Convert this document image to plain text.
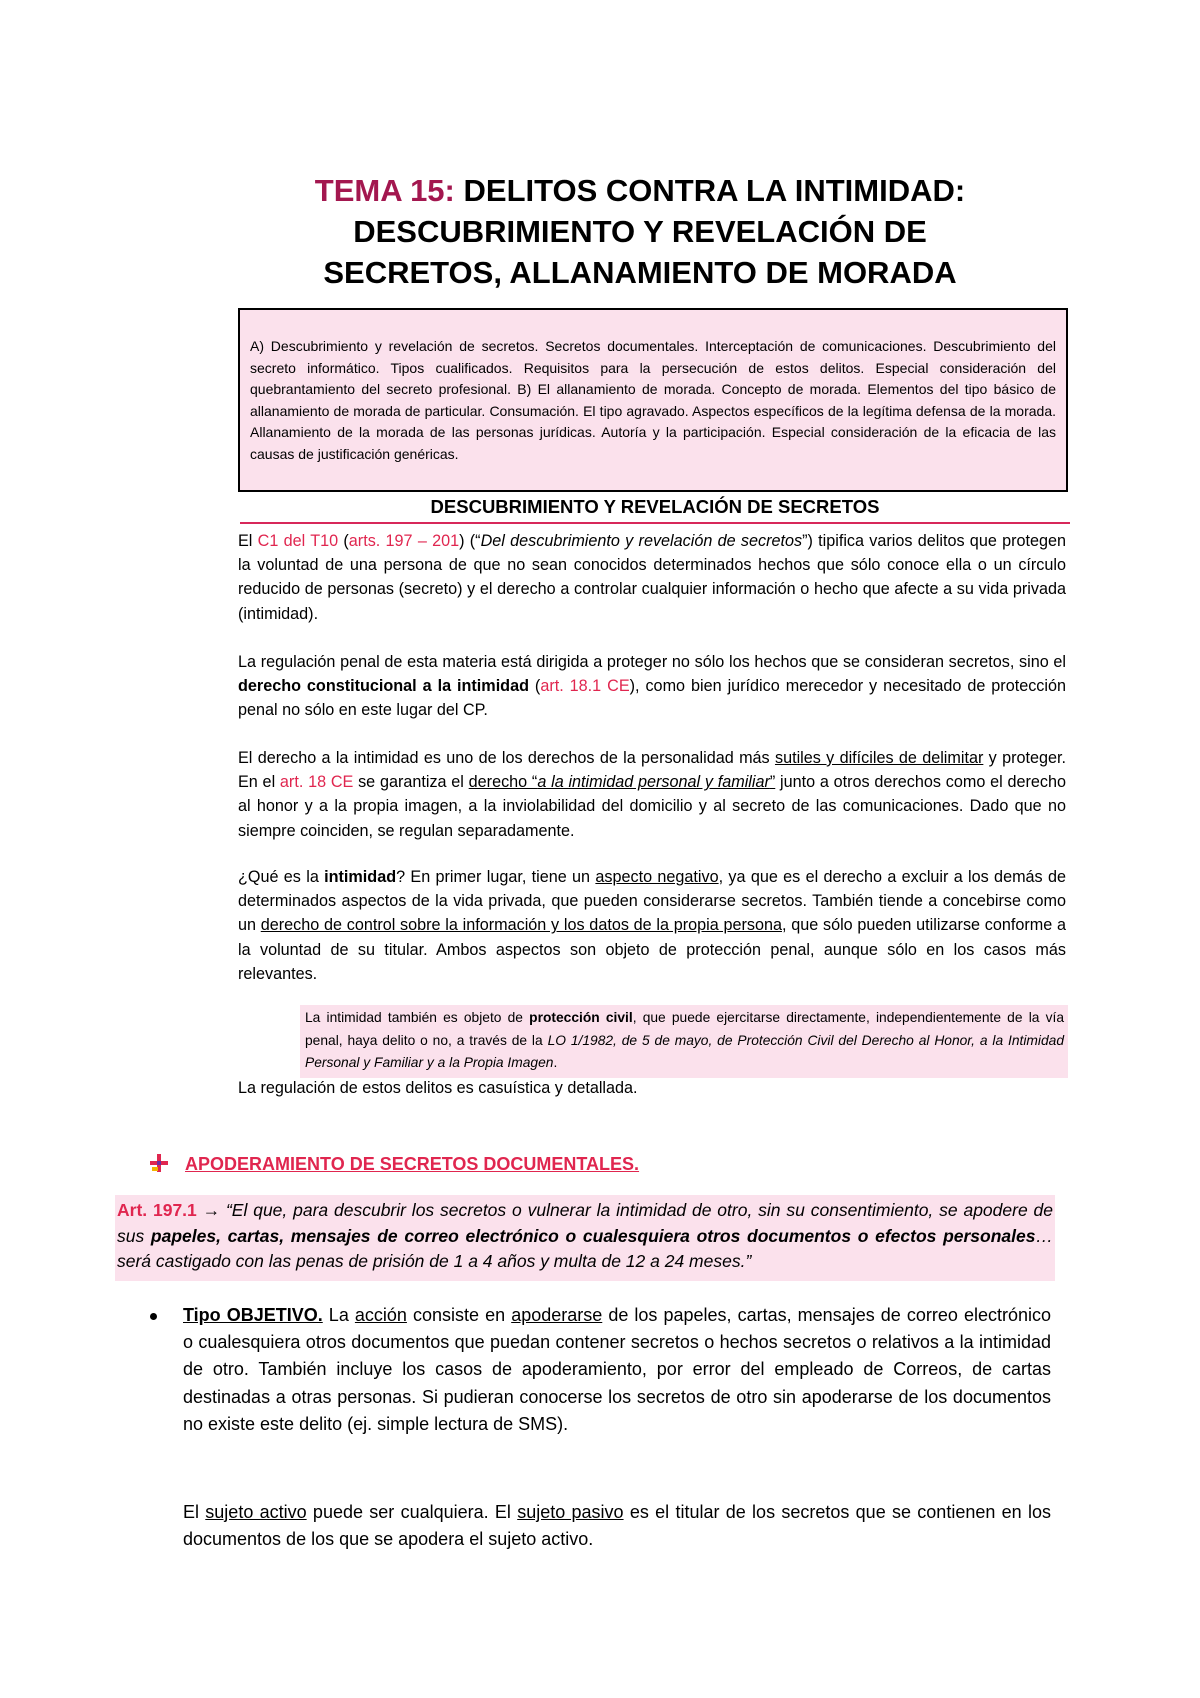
TEMA 15: DELITOS CONTRA LA INTIMIDAD:
DESCUBRIMIENTO Y REVELACIÓN DE
SECRETOS, ALLANAMIENTO DE MORADA
A) Descubrimiento y revelación de secretos. Secretos documentales. Interceptación de comunicaciones. Descubrimiento del secreto informático. Tipos cualificados. Requisitos para la persecución de estos delitos. Especial consideración del quebrantamiento del secreto profesional. B) El allanamiento de morada. Concepto de morada. Elementos del tipo básico de allanamiento de morada de particular. Consumación. El tipo agravado. Aspectos específicos de la legítima defensa de la morada. Allanamiento de la morada de las personas jurídicas. Autoría y la participación. Especial consideración de la eficacia de las causas de justificación genéricas.
DESCUBRIMIENTO Y REVELACIÓN DE SECRETOS
El C1 del T10 (arts. 197 – 201) (“Del descubrimiento y revelación de secretos”) tipifica varios delitos que protegen la voluntad de una persona de que no sean conocidos determinados hechos que sólo conoce ella o un círculo reducido de personas (secreto) y el derecho a controlar cualquier información o hecho que afecte a su vida privada (intimidad).
La regulación penal de esta materia está dirigida a proteger no sólo los hechos que se consideran secretos, sino el derecho constitucional a la intimidad (art. 18.1 CE), como bien jurídico merecedor y necesitado de protección penal no sólo en este lugar del CP.
El derecho a la intimidad es uno de los derechos de la personalidad más sutiles y difíciles de delimitar y proteger. En el art. 18 CE se garantiza el derecho “a la intimidad personal y familiar” junto a otros derechos como el derecho al honor y a la propia imagen, a la inviolabilidad del domicilio y al secreto de las comunicaciones. Dado que no siempre coinciden, se regulan separadamente.
¿Qué es la intimidad? En primer lugar, tiene un aspecto negativo, ya que es el derecho a excluir a los demás de determinados aspectos de la vida privada, que pueden considerarse secretos. También tiende a concebirse como un derecho de control sobre la información y los datos de la propia persona, que sólo pueden utilizarse conforme a la voluntad de su titular. Ambos aspectos son objeto de protección penal, aunque sólo en los casos más relevantes.
La intimidad también es objeto de protección civil, que puede ejercitarse directamente, independientemente de la vía penal, haya delito o no, a través de la LO 1/1982, de 5 de mayo, de Protección Civil del Derecho al Honor, a la Intimidad Personal y Familiar y a la Propia Imagen.
La regulación de estos delitos es casuística y detallada.
APODERAMIENTO DE SECRETOS DOCUMENTALES.
Art. 197.1 → “El que, para descubrir los secretos o vulnerar la intimidad de otro, sin su consentimiento, se apodere de sus papeles, cartas, mensajes de correo electrónico o cualesquiera otros documentos o efectos personales… será castigado con las penas de prisión de 1 a 4 años y multa de 12 a 24 meses.”
Tipo OBJETIVO. La acción consiste en apoderarse de los papeles, cartas, mensajes de correo electrónico o cualesquiera otros documentos que puedan contener secretos o hechos secretos o relativos a la intimidad de otro. También incluye los casos de apoderamiento, por error del empleado de Correos, de cartas destinadas a otras personas. Si pudieran conocerse los secretos de otro sin apoderarse de los documentos no existe este delito (ej. simple lectura de SMS).
El sujeto activo puede ser cualquiera. El sujeto pasivo es el titular de los secretos que se contienen en los documentos de los que se apodera el sujeto activo.
